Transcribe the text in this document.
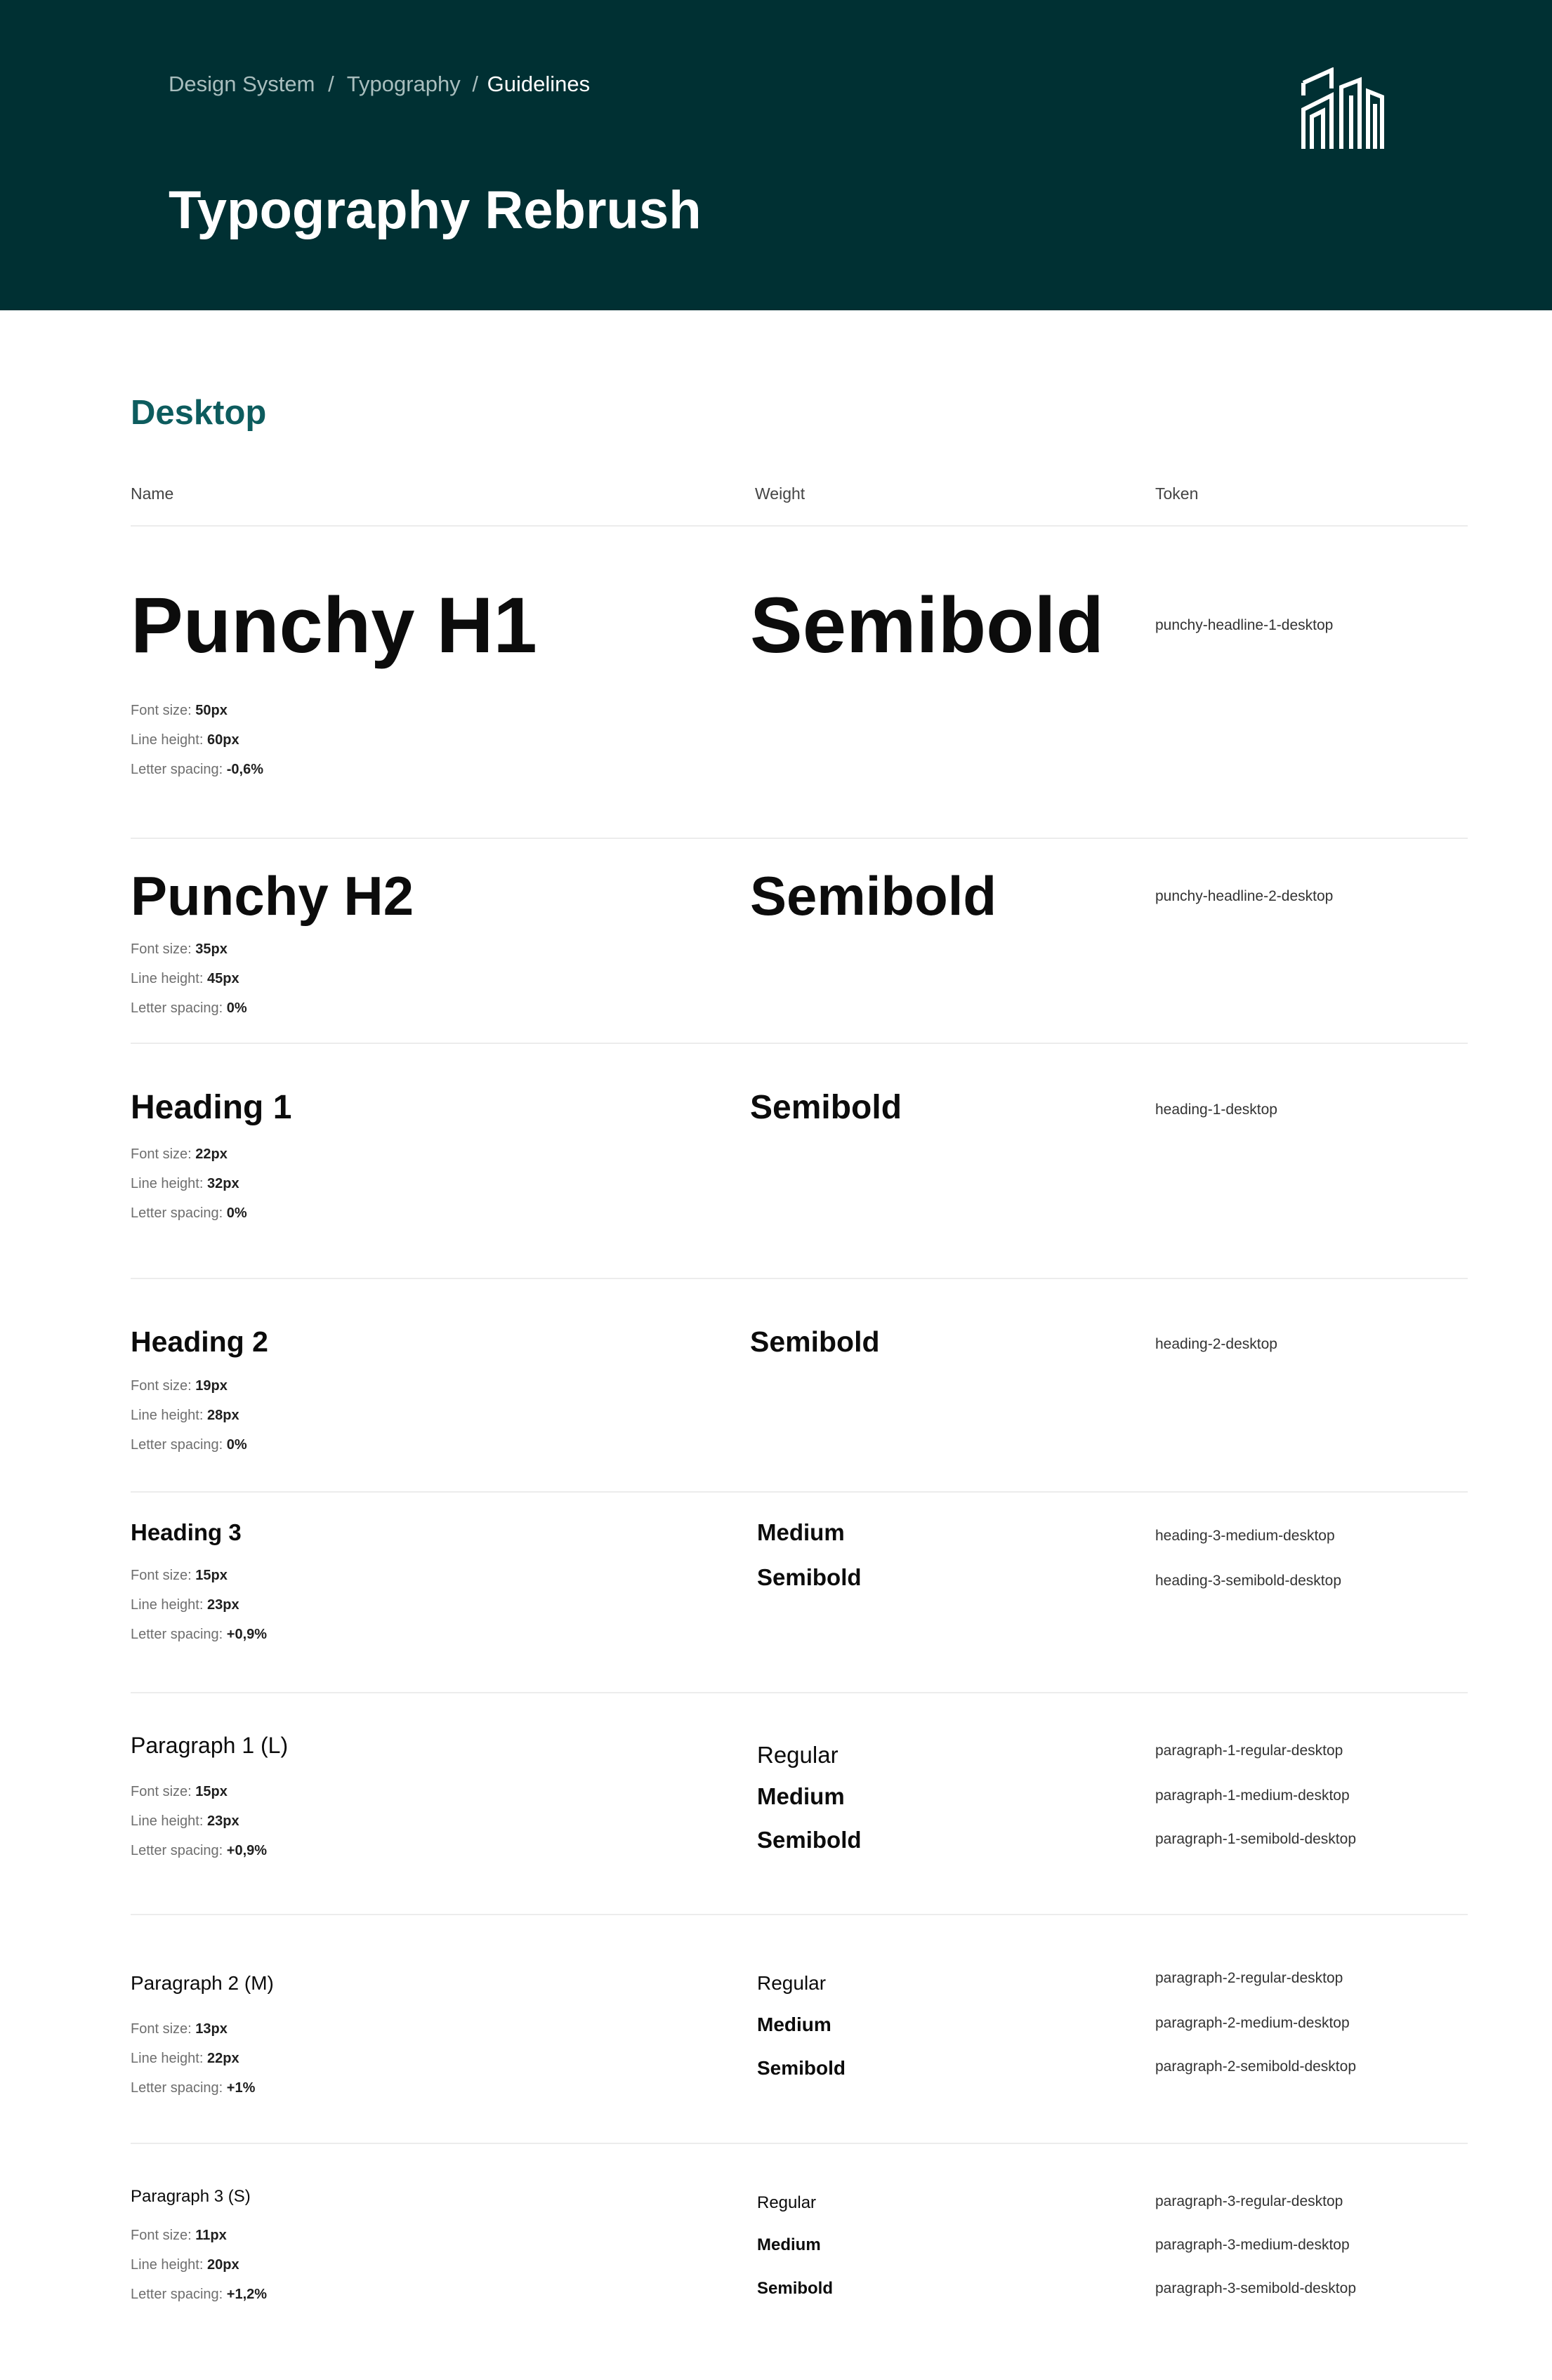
Design System / Typography / Guidelines
Typography Rebrush
Desktop
Name	Weight	Token
Punchy H1	Semibold	punchy-headline-1-desktop
Font size: 50px
Line height: 60px
Letter spacing: -0,6%
Punchy H2	Semibold	punchy-headline-2-desktop
Font size: 35px
Line height: 45px
Letter spacing: 0%
Heading 1	Semibold	heading-1-desktop
Font size: 22px
Line height: 32px
Letter spacing: 0%
Heading 2	Semibold	heading-2-desktop
Font size: 19px
Line height: 28px
Letter spacing: 0%
Heading 3	Medium	heading-3-medium-desktop
Semibold	heading-3-semibold-desktop
Font size: 15px
Line height: 23px
Letter spacing: +0,9%
Paragraph 1 (L)	Regular	paragraph-1-regular-desktop
Medium	paragraph-1-medium-desktop
Semibold	paragraph-1-semibold-desktop
Font size: 15px
Line height: 23px
Letter spacing: +0,9%
Paragraph 2 (M)	Regular	paragraph-2-regular-desktop
Medium	paragraph-2-medium-desktop
Semibold	paragraph-2-semibold-desktop
Font size: 13px
Line height: 22px
Letter spacing: +1%
Paragraph 3 (S)	Regular	paragraph-3-regular-desktop
Medium	paragraph-3-medium-desktop
Semibold	paragraph-3-semibold-desktop
Font size: 11px
Line height: 20px
Letter spacing: +1,2%
